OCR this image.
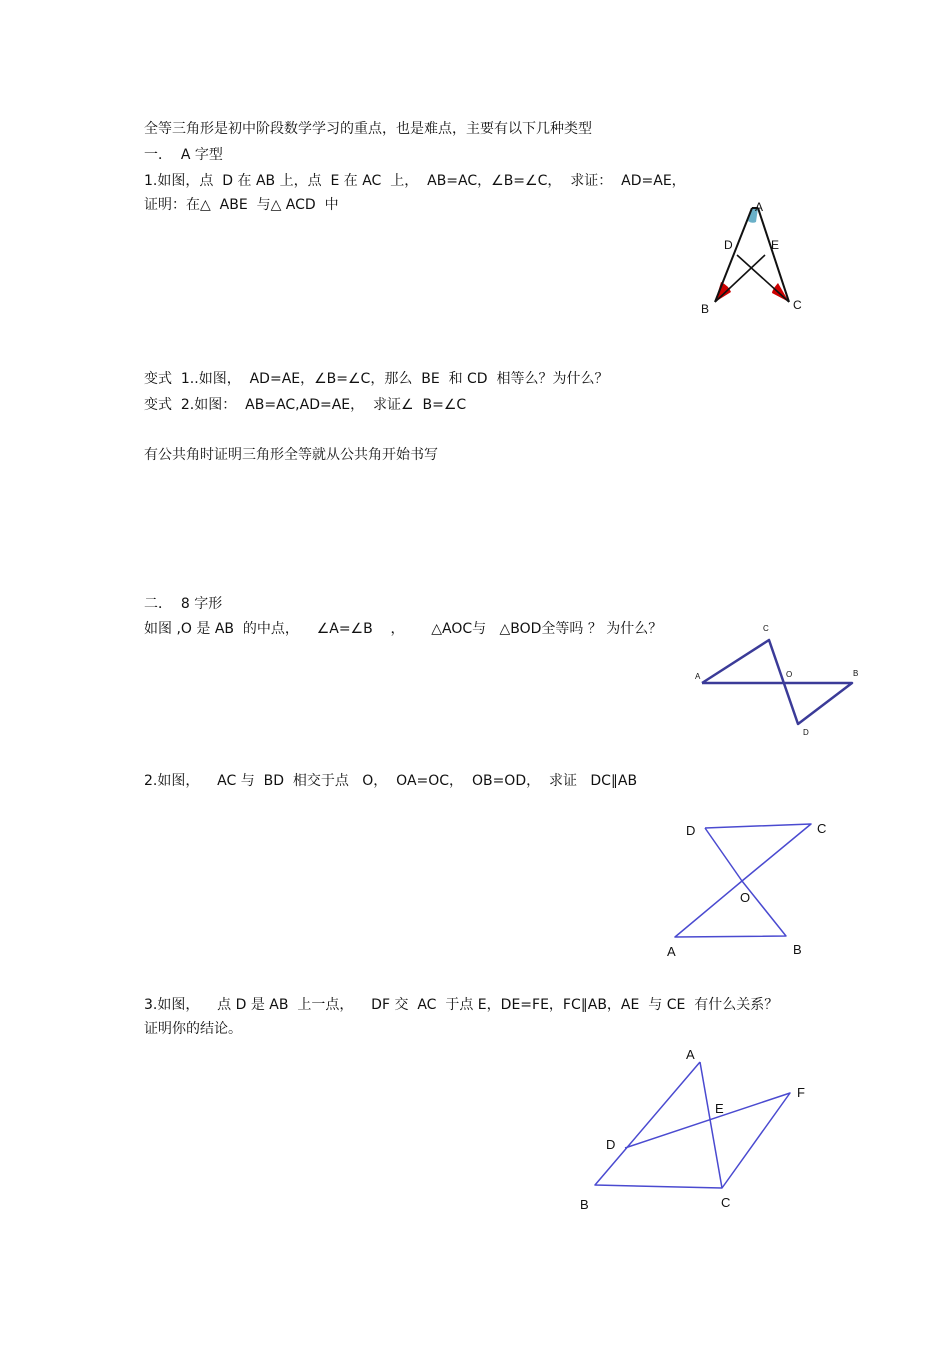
全等三角形是初中阶段数学学习的重点，也是难点，主要有以下几种类型
一．  A 字型
1.如图，点  D 在 AB 上，点  E 在 AC  上，  AB=AC，∠B=∠C，  求证：  AD=AE，
证明：在△  ABE  与△ ACD  中
变式  1..如图，  AD=AE，∠B=∠C，那么  BE  和 CD  相等么？为什么？
变式  2.如图：  AB=AC,AD=AE，  求证∠  B=∠C
有公共角时证明三角形全等就从公共角开始书写
二．  8 字形
如图 ,O 是 AB  的中点，    ∠A=∠B    ，      △AOC与   △BOD全等吗 ？ 为什么？
2.如图，    AC 与  BD  相交于点   O，  OA=OC，  OB=OD，  求证   DC∥AB
3.如图，    点 D 是 AB  上一点，    DF 交  AC  于点 E，DE=FE，FC∥AB，AE  与 CE  有什么关系？
证明你的结论。
A
D	E
B	C
C
A	O	B
D
D	C
O
A	B
A
F
E
D
B	C
